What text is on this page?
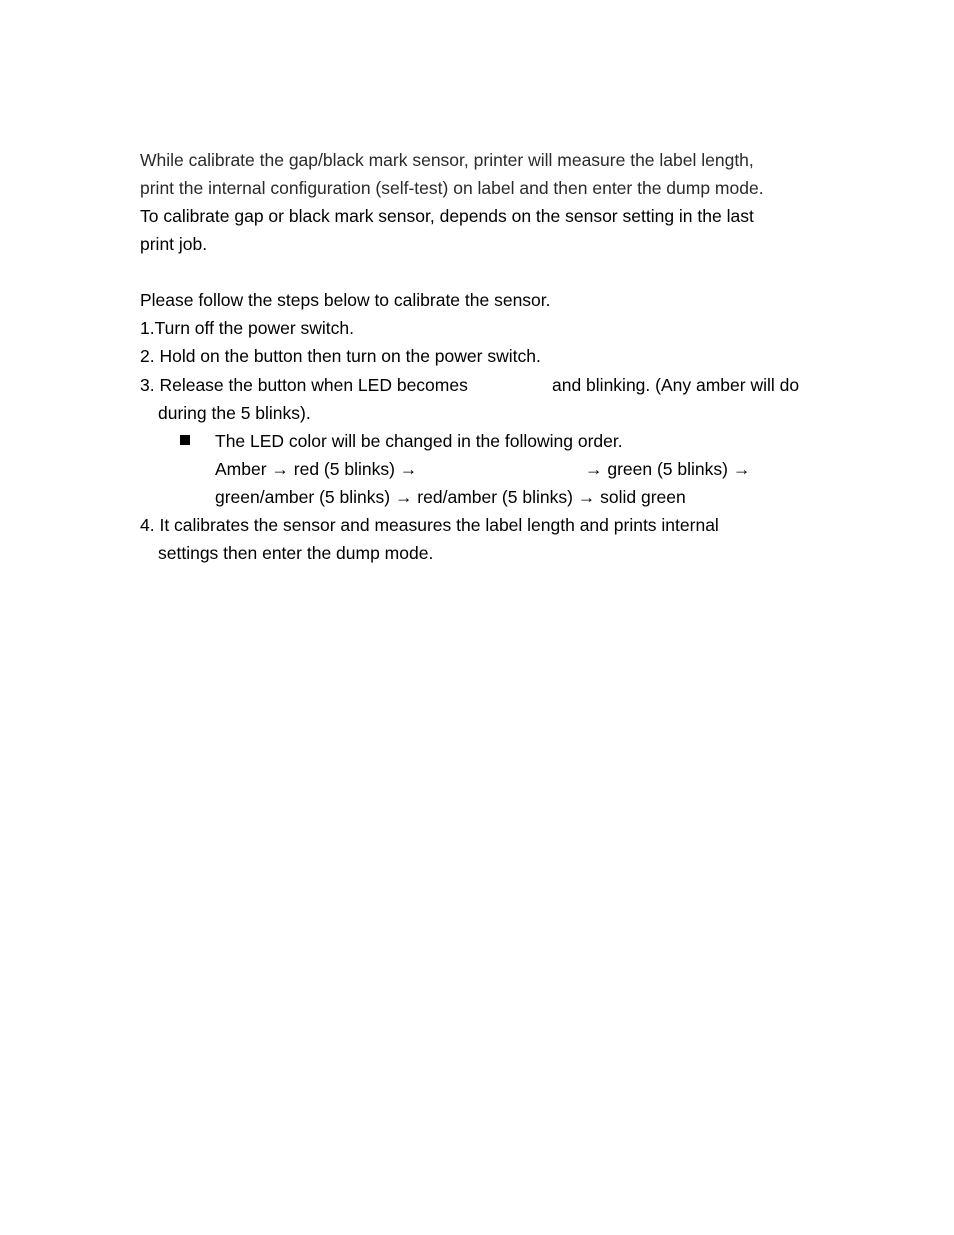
While calibrate the gap/black mark sensor, printer will measure the label length,
print the internal configuration (self-test) on label and then enter the dump mode.
To calibrate gap or black mark sensor, depends on the sensor setting in the last
print job.
Please follow the steps below to calibrate the sensor.
1.Turn off the power switch.
2. Hold on the button then turn on the power switch.
3. Release the button when LED becomes	and blinking. (Any amber will do
during the 5 blinks).
The LED color will be changed in the following order.
Amber → red (5 blinks) →	→ green (5 blinks) →
green/amber (5 blinks) → red/amber (5 blinks) → solid green
4. It calibrates the sensor and measures the label length and prints internal
settings then enter the dump mode.
